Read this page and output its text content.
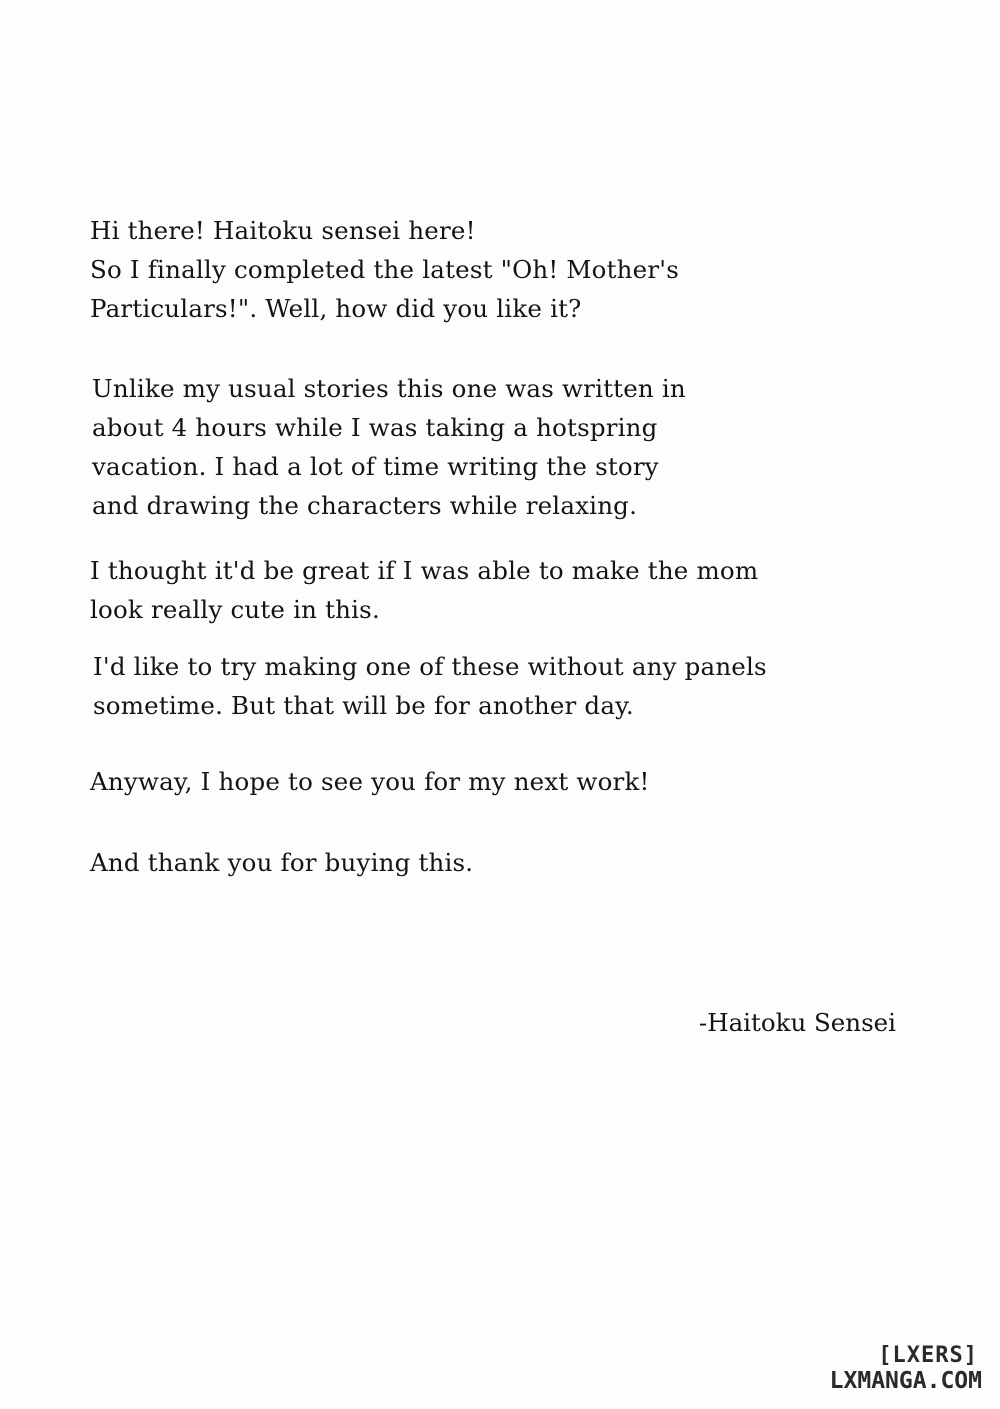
Hi there! Haitoku sensei here!
So I finally completed the latest "Oh! Mother's
Particulars!". Well, how did you like it?
Unlike my usual stories this one was written in
about 4 hours while I was taking a hotspring
vacation. I had a lot of time writing the story
and drawing the characters while relaxing.
I thought it'd be great if I was able to make the mom
look really cute in this.
I'd like to try making one of these without any panels
sometime. But that will be for another day.
Anyway, I hope to see you for my next work!
And thank you for buying this.
-Haitoku Sensei
[LXERS]
LXMANGA.COM
